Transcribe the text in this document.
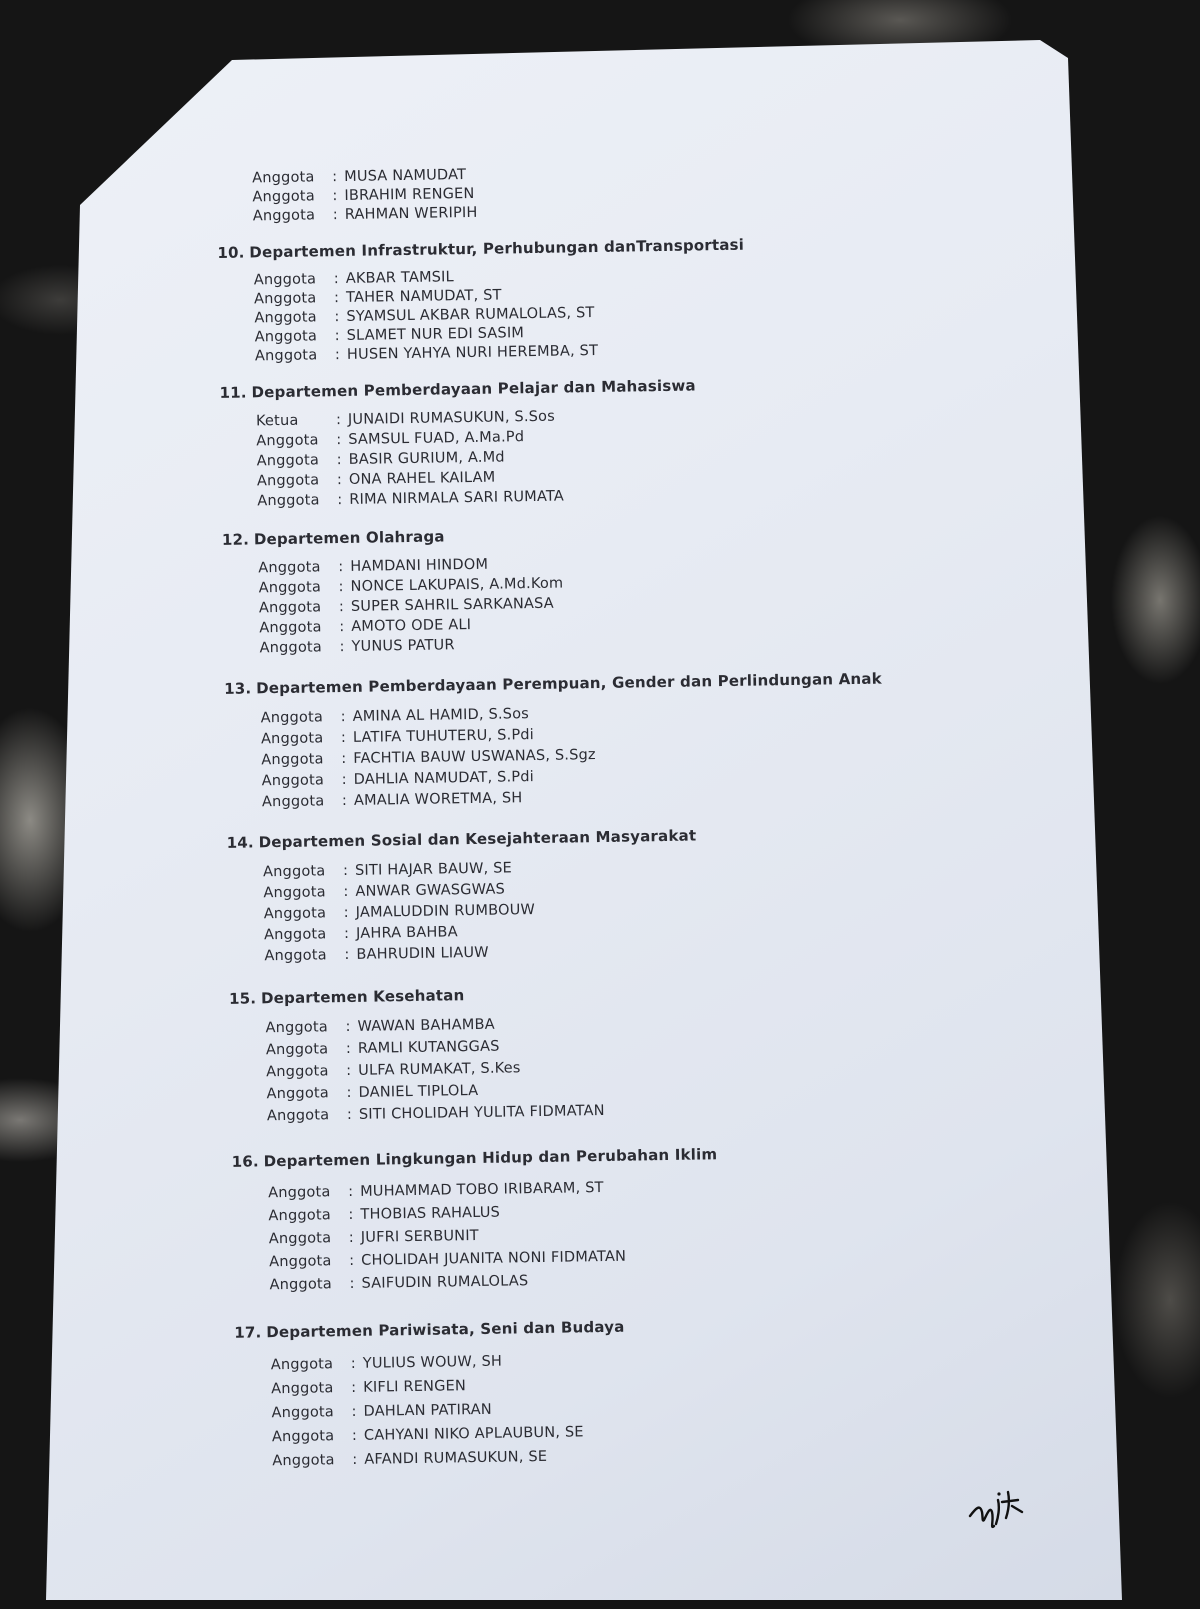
Anggota : MUSA NAMUDAT
Anggota : IBRAHIM RENGEN
Anggota : RAHMAN WERIPIH
10. Departemen Infrastruktur, Perhubungan danTransportasi
Anggota : AKBAR TAMSIL
Anggota : TAHER NAMUDAT, ST
Anggota : SYAMSUL AKBAR RUMALOLAS, ST
Anggota : SLAMET NUR EDI SASIM
Anggota : HUSEN YAHYA NURI HEREMBA, ST
11. Departemen Pemberdayaan Pelajar dan Mahasiswa
Ketua	: JUNAIDI RUMASUKUN, S.Sos
Anggota : SAMSUL FUAD, A.Ma.Pd
Anggota : BASIR GURIUM, A.Md
Anggota : ONA RAHEL KAILAM
Anggota : RIMA NIRMALA SARI RUMATA
12. Departemen Olahraga
Anggota : HAMDANI HINDOM
Anggota : NONCE LAKUPAIS, A.Md.Kom
Anggota : SUPER SAHRIL SARKANASA
Anggota : AMOTO ODE ALI
Anggota : YUNUS PATUR
13. Departemen Pemberdayaan Perempuan, Gender dan Perlindungan Anak
Anggota : AMINA AL HAMID, S.Sos
Anggota : LATIFA TUHUTERU, S.Pdi
Anggota : FACHTIA BAUW USWANAS, S.Sgz
Anggota : DAHLIA NAMUDAT, S.Pdi
Anggota : AMALIA WORETMA, SH
14. Departemen Sosial dan Kesejahteraan Masyarakat
Anggota : SITI HAJAR BAUW, SE
Anggota : ANWAR GWASGWAS
Anggota : JAMALUDDIN RUMBOUW
Anggota : JAHRA BAHBA
Anggota : BAHRUDIN LIAUW
15. Departemen Kesehatan
Anggota : WAWAN BAHAMBA
Anggota : RAMLI KUTANGGAS
Anggota : ULFA RUMAKAT, S.Kes
Anggota : DANIEL TIPLOLA
Anggota : SITI CHOLIDAH YULITA FIDMATAN
16. Departemen Lingkungan Hidup dan Perubahan Iklim
Anggota : MUHAMMAD TOBO IRIBARAM, ST
Anggota : THOBIAS RAHALUS
Anggota : JUFRI SERBUNIT
Anggota : CHOLIDAH JUANITA NONI FIDMATAN
Anggota : SAIFUDIN RUMALOLAS
17. Departemen Pariwisata, Seni dan Budaya
Anggota : YULIUS WOUW, SH
Anggota : KIFLI RENGEN
Anggota : DAHLAN PATIRAN
Anggota : CAHYANI NIKO APLAUBUN, SE
Anggota : AFANDI RUMASUKUN, SE
